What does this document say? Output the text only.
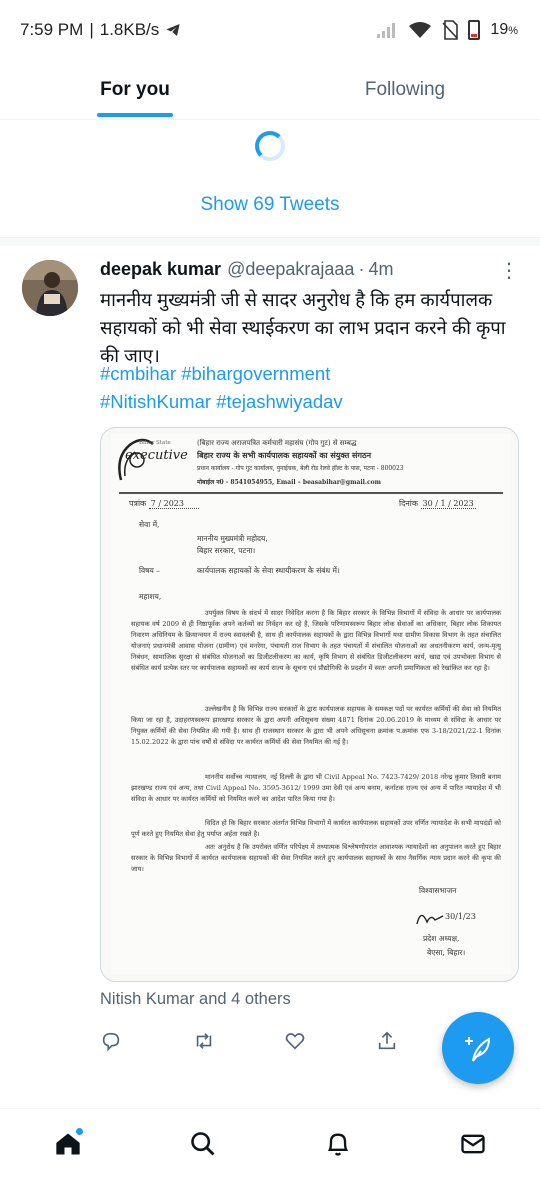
7:59 PM | 1.8KB/s	19%
For you	Following
Show 69 Tweets
deepak kumar @deepakrajaaa · 4m	⋮
माननीय मुख्यमंत्री जी से सादर अनुरोध है कि हम कार्यपालक सहायकों को भी सेवा स्थाईकरण का लाभ प्रदान करने की कृपा की जाए।
#cmbihar #bihargovernment
#NitishKumar #tejashwiyadav
Bihar State
executive
(बिहार राज्य अराजपत्रित कर्मचारी महासंघ (गोप गुट) से सम्बद्ध
बिहार राज्य के सभी कार्यपालक सहायकों का संयुक्त संगठन
प्रधान कार्यालय - गोप गुट कार्यालय, पुनाईचक, बेली रोड रेलवे हॉल्ट के पास, पटना - 800023
मोबाईल न0 - 8541054955, Email – beasabihar@gmail.com
पत्रांक 7 / 2023	दिनांक 30 / 1 / 2023
सेवा में,
माननीय मुख्यमंत्री महोदय,
बिहार सरकार, पटना।
विषय –	कार्यपालक सहायकों के सेवा स्थायीकरण के संबंध में।
महाशय,
उपर्युक्त विषय के संदर्भ में सादर निवेदित करना है कि बिहार सरकार के विभिन्न विभागों में संविदा के आधार पर कार्यपालक सहायक वर्ष 2009 से ही निष्ठापूर्वक अपने कर्तव्यों का निर्वहन कर रहे है, जिसके परिणामस्वरूप बिहार लोक सेवाओं का अधिकार, बिहार लोक शिकायत निवारण अधिनियम के क्रियान्वयन में राज्य स्वावलंबी है, साथ ही कार्यपालक सहायकों के द्वारा विभिन्न विभागों यथा ग्रामीण विकास विभाग के तहत संचालित योजनाएं प्रधानमंत्री आवास योजना (ग्रामीण) एवं मनरेगा, पंचायती राज विभाग के तहत पंचायतों में संचालित योजनाओं का अधतनीकरण कार्य, जन्म-मृत्यु निबंधन, सामाजिक सुरक्षा से संबंधित योजनाओं का डिजीटलीकरण का कार्य, कृषि विभाग से संबंधित डिजीटलीकरण कार्य, खाद्य एवं उपभोक्ता विभाग से संबंधित कार्य प्रत्येक स्तर पर कार्यपालक सहायकों का कार्य राज्य के सूचना एवं प्रौद्योगिकी के प्रदर्शन में स्वतः अपनी प्रमाणिकता को रेखांकित कर रहा है।
उल्लेखनीय है कि विभिन्न राज्य सरकारों के द्वारा कार्यपालक सहायक के समकक्ष पदों पर कार्यरत कर्मियों की सेवा को नियमित किया जा रहा है, उदाहरणस्वरूप झारखण्ड सरकार के द्वारा अपनी अधिसूचना संख्या 4871 दिनांक 20.06.2019 के माध्यम से संविदा के आधार पर नियुक्त कर्मियों की सेवा नियमित की गयी है। साथ ही राजस्थान सरकार के द्वारा भी अपने अधिसूचना क्रमांक प.क्रमांक एफ 3-18/2021/22-1 दिनांक 15.02.2022 के द्वारा पांच वर्षों से संविदा पर कार्यरत कर्मियों की सेवा नियमित की गई है।
माननीय सर्वोच्च न्यायालय, नई दिल्ली के द्वारा भी Civil Appeal No. 7423-7429/ 2018 नरेन्द्र कुमार तिवारी बनाम झारखण्ड राज्य एवं अन्य, तथा Civil Appeal No. 3595-3612/ 1999 उमा देवी एवं अन्य बनाम, कर्नाटक राज्य एवं अन्य में पारित न्यायादेश में भी संविदा के आधार पर कार्यरत कर्मियों को नियमित करने का आदेश पारित किया गया है।
विदित हो कि बिहार सरकार अंतर्गत विभिन्न विभागों में कार्यरत कार्यपालक सहायकों उपर वर्णित न्यायादेश के सभी मापदंडों को पूर्ण करते हुए नियमित सेवा हेतु पर्याप्त अर्हता रखते है।
अतः अनुरोध है कि उपरोक्त वर्णित परिपेक्ष्य में तथ्यात्मक विश्लेषणोपरांत आवाश्यक न्यायादेशों का अनुपालन करते हुए बिहार सरकार के विभिन्न विभागों में कार्यरत कार्यपालक सहायकों की सेवा नियमित करते हुए कार्यपालक सहायकों के साथ नैसर्गिक न्याय प्रदान करने की कृपा की जाय।
विश्वासभाजन
30/1/23
प्रदेश अध्यक्ष,
बेएसा, बिहार।
Nitish Kumar and 4 others
